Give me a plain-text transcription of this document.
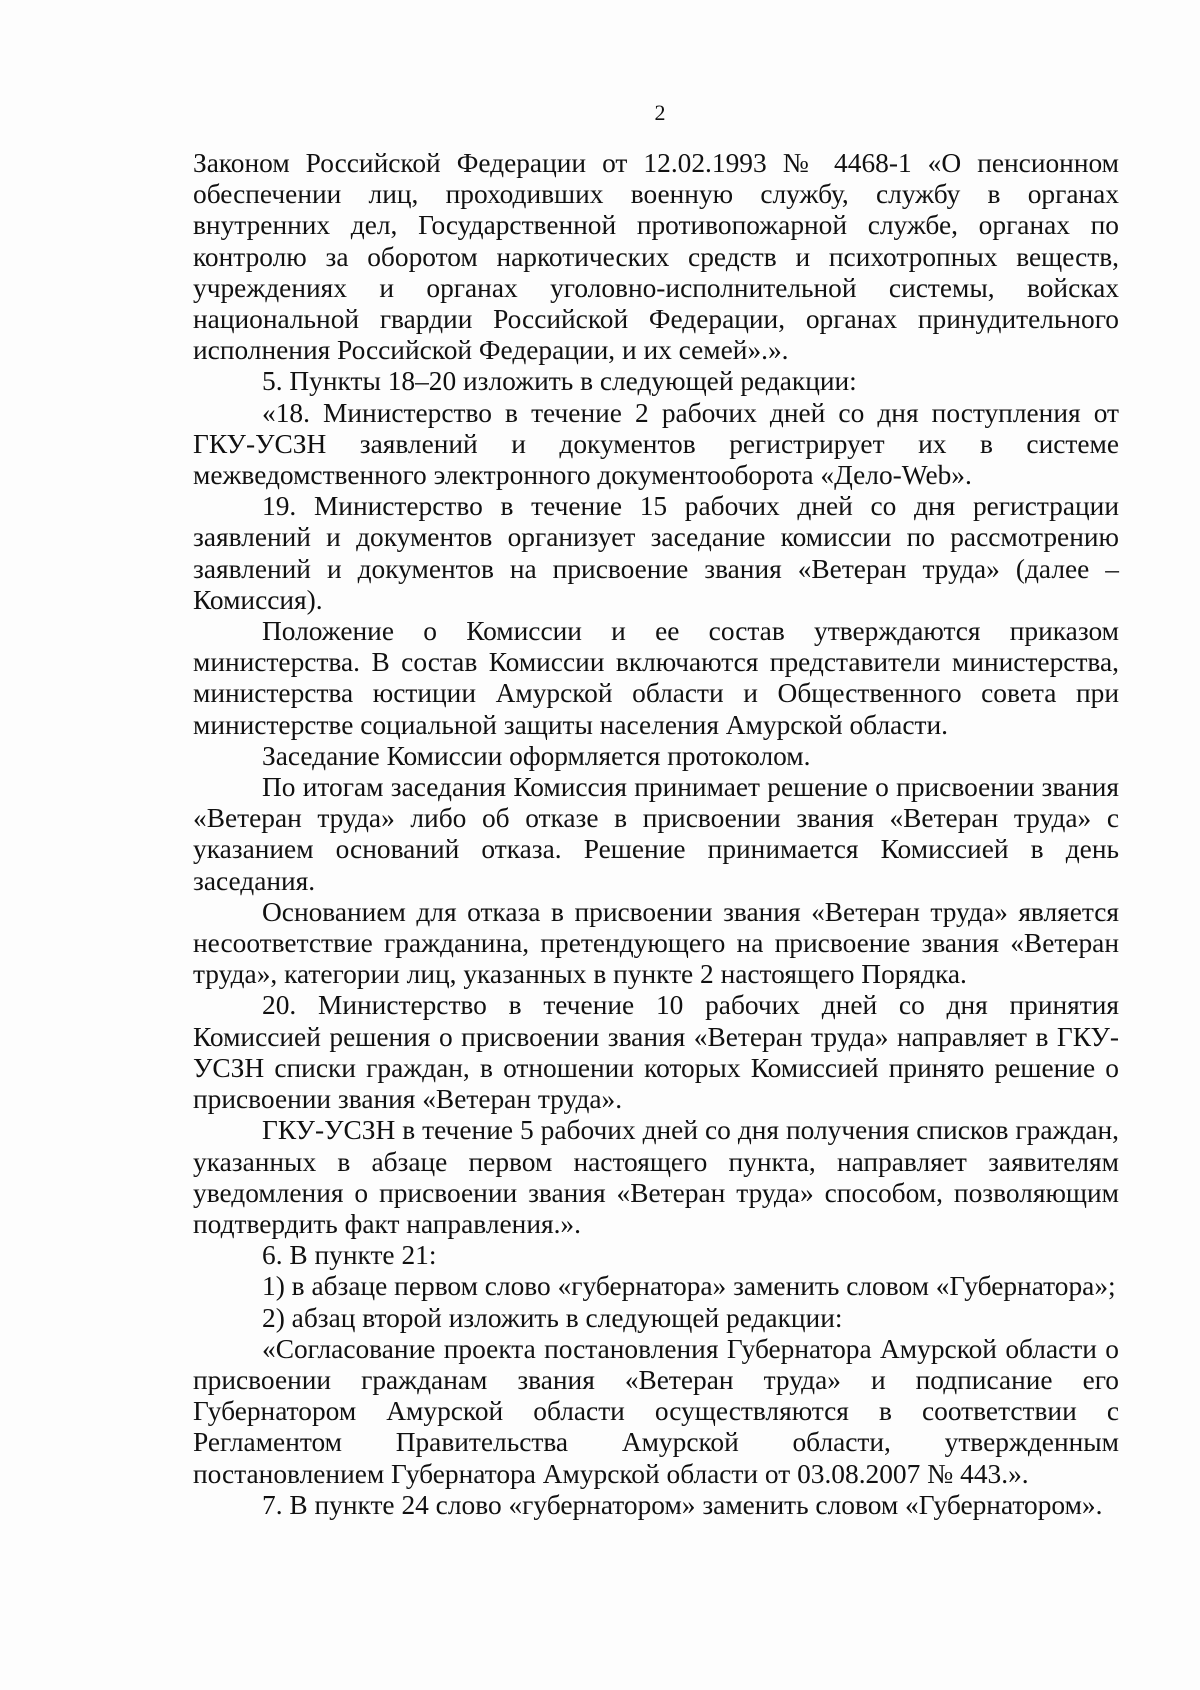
2

Законом Российской Федерации от 12.02.1993 № 4468-1 «О пенсионном обеспечении лиц, проходивших военную службу, службу в органах внутренних дел, Государственной противопожарной службе, органах по контролю за оборотом наркотических средств и психотропных веществ, учреждениях и органах уголовно-исполнительной системы, войсках национальной гвардии Российской Федерации, органах принудительного исполнения Российской Федерации, и их семей».».

5. Пункты 18–20 изложить в следующей редакции:

«18. Министерство в течение 2 рабочих дней со дня поступления от ГКУ-УСЗН заявлений и документов регистрирует их в системе межведомственного электронного документооборота «Дело-Web».

19. Министерство в течение 15 рабочих дней со дня регистрации заявлений и документов организует заседание комиссии по рассмотрению заявлений и документов на присвоение звания «Ветеран труда» (далее – Комиссия).

Положение о Комиссии и ее состав утверждаются приказом министерства. В состав Комиссии включаются представители министерства, министерства юстиции Амурской области и Общественного совета при министерстве социальной защиты населения Амурской области.

Заседание Комиссии оформляется протоколом.

По итогам заседания Комиссия принимает решение о присвоении звания «Ветеран труда» либо об отказе в присвоении звания «Ветеран труда» с указанием оснований отказа. Решение принимается Комиссией в день заседания.

Основанием для отказа в присвоении звания «Ветеран труда» является несоответствие гражданина, претендующего на присвоение звания «Ветеран труда», категории лиц, указанных в пункте 2 настоящего Порядка.

20. Министерство в течение 10 рабочих дней со дня принятия Комиссией решения о присвоении звания «Ветеран труда» направляет в ГКУ-УСЗН списки граждан, в отношении которых Комиссией принято решение о присвоении звания «Ветеран труда».

ГКУ-УСЗН в течение 5 рабочих дней со дня получения списков граждан, указанных в абзаце первом настоящего пункта, направляет заявителям уведомления о присвоении звания «Ветеран труда» способом, позволяющим подтвердить факт направления.».

6. В пункте 21:

1) в абзаце первом слово «губернатора» заменить словом «Губернатора»;

2) абзац второй изложить в следующей редакции:

«Согласование проекта постановления Губернатора Амурской области о присвоении гражданам звания «Ветеран труда» и подписание его Губернатором Амурской области осуществляются в соответствии с Регламентом Правительства Амурской области, утвержденным постановлением Губернатора Амурской области от 03.08.2007 № 443.».

7. В пункте 24 слово «губернатором» заменить словом «Губернатором».
